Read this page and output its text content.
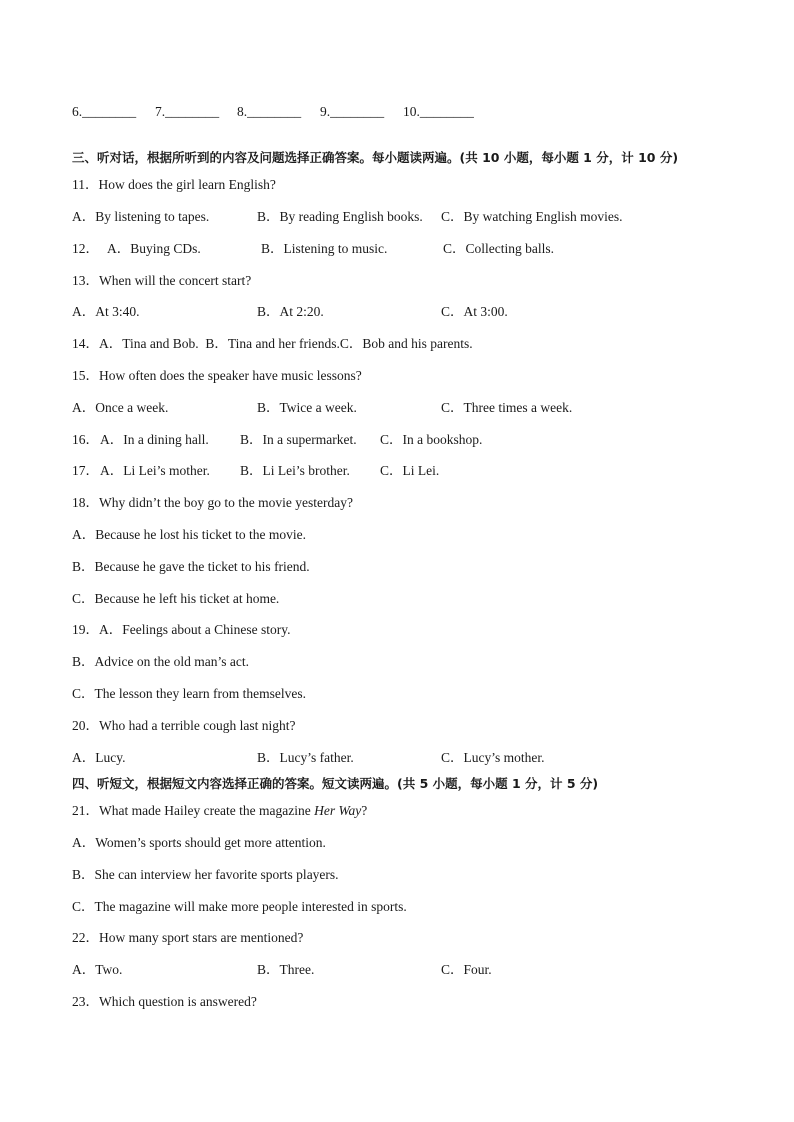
6.________ 7.________ 8.________ 9.________ 10.________
三、听对话，根据所听到的内容及问题选择正确答案。每小题读两遍。(共 10 小题，每小题 1 分，计 10 分)
11．How does the girl learn English?
A．By listening to tapes.	B．By reading English books. C．By watching English movies.
12． A．Buying CDs.	B．Listening to music.	C．Collecting balls.
13．When will the concert start?
A．At 3:40.	B．At 2:20.	C．At 3:00.
14．A．Tina and Bob.  B．Tina and her friends.C．Bob and his parents.
15．How often does the speaker have music lessons?
A．Once a week.	B．Twice a week.	C．Three times a week.
16． A．In a dining hall. B．In a supermarket. C．In a bookshop.
17． A．Li Lei’s mother. B．Li Lei’s brother. C．Li Lei.
18．Why didn’t the boy go to the movie yesterday?
A．Because he lost his ticket to the movie.
B．Because he gave the ticket to his friend.
C．Because he left his ticket at home.
19．A．Feelings about a Chinese story.
B．Advice on the old man’s act.
C．The lesson they learn from themselves.
20．Who had a terrible cough last night?
A．Lucy.	B．Lucy’s father.	C．Lucy’s mother.
四、听短文，根据短文内容选择正确的答案。短文读两遍。(共 5 小题，每小题 1 分，计 5 分)
21．What made Hailey create the magazine Her Way?
A．Women’s sports should get more attention.
B．She can interview her favorite sports players.
C．The magazine will make more people interested in sports.
22．How many sport stars are mentioned?
A．Two.	B．Three.	C．Four.
23．Which question is answered?
